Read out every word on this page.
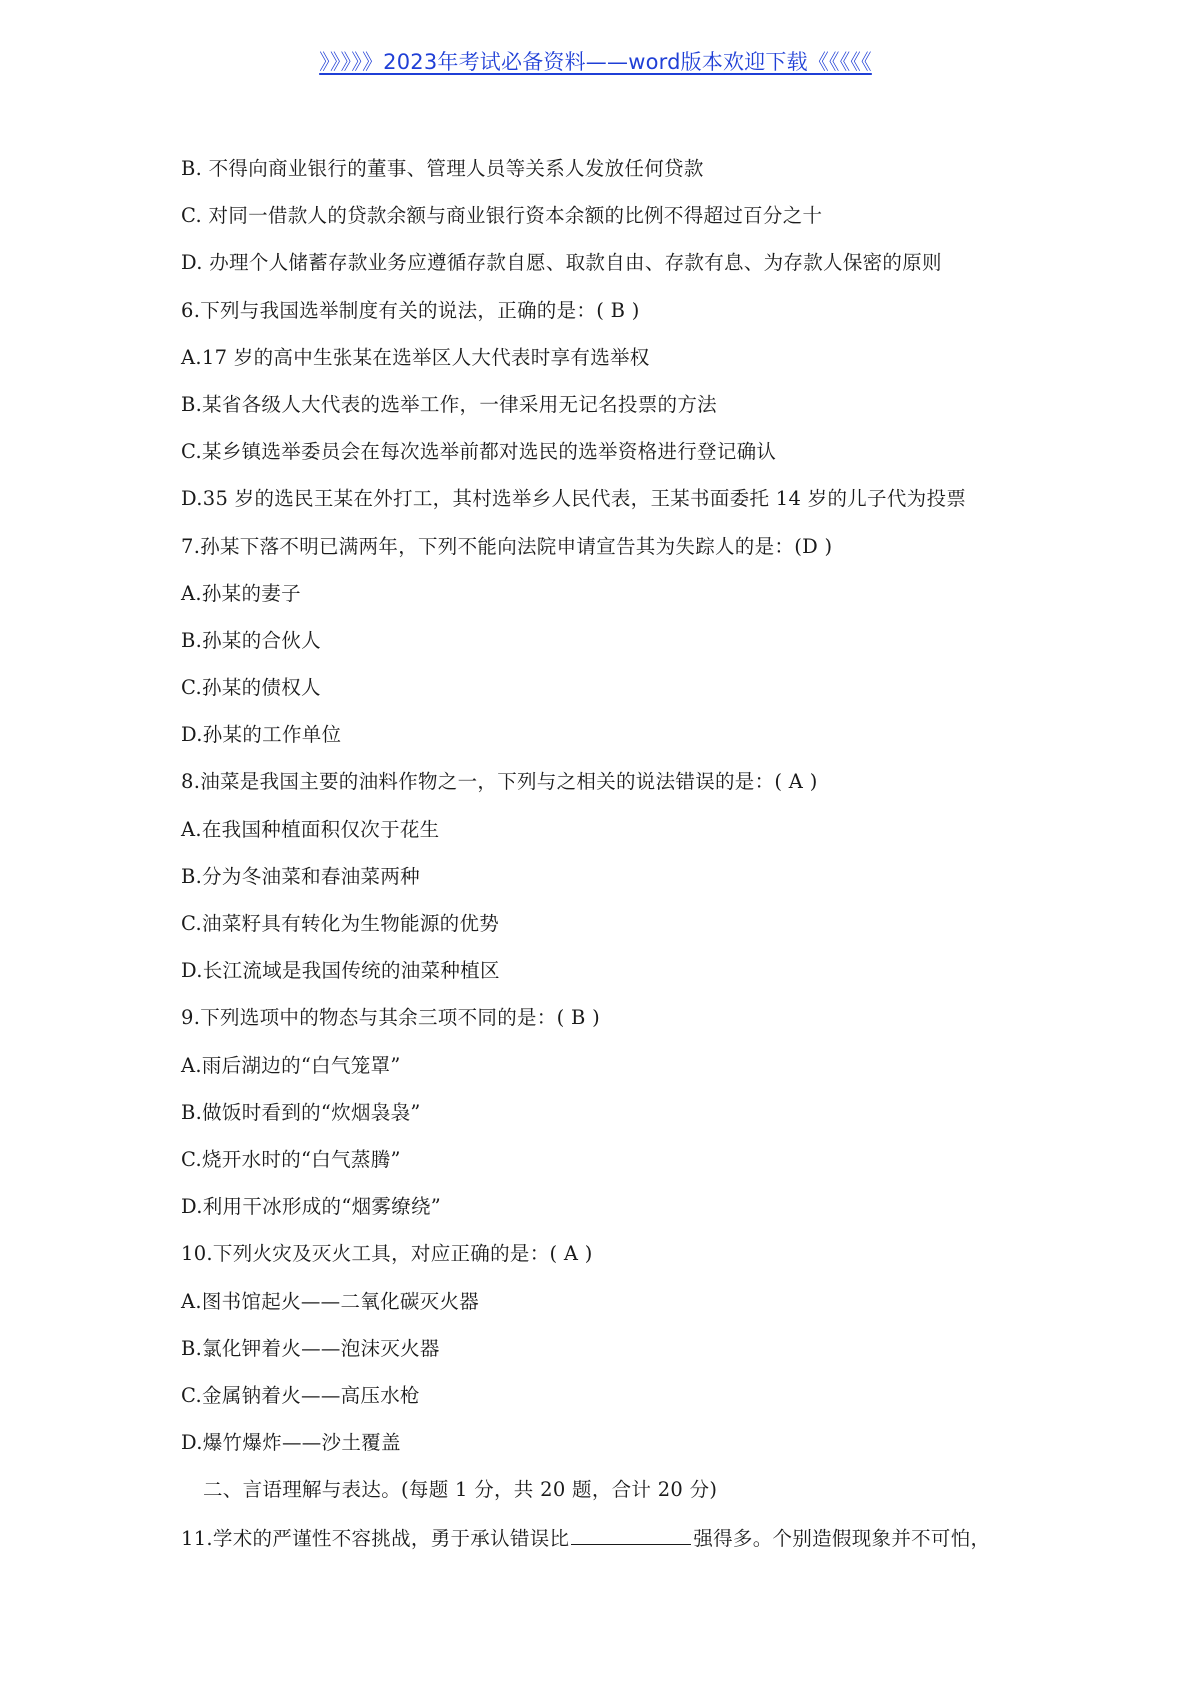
》》》》》2023年考试必备资料——word版本欢迎下载《《《《《
B. 不得向商业银行的董事、管理人员等关系人发放任何贷款
C. 对同一借款人的贷款余额与商业银行资本余额的比例不得超过百分之十
D. 办理个人储蓄存款业务应遵循存款自愿、取款自由、存款有息、为存款人保密的原则
6.下列与我国选举制度有关的说法，正确的是：( B )
A.17 岁的高中生张某在选举区人大代表时享有选举权
B.某省各级人大代表的选举工作，一律采用无记名投票的方法
C.某乡镇选举委员会在每次选举前都对选民的选举资格进行登记确认
D.35 岁的选民王某在外打工，其村选举乡人民代表，王某书面委托 14 岁的儿子代为投票
7.孙某下落不明已满两年，下列不能向法院申请宣告其为失踪人的是：(D )
A.孙某的妻子
B.孙某的合伙人
C.孙某的债权人
D.孙某的工作单位
8.油菜是我国主要的油料作物之一，下列与之相关的说法错误的是：( A )
A.在我国种植面积仅次于花生
B.分为冬油菜和春油菜两种
C.油菜籽具有转化为生物能源的优势
D.长江流域是我国传统的油菜种植区
9.下列选项中的物态与其余三项不同的是：( B )
A.雨后湖边的“白气笼罩”
B.做饭时看到的“炊烟袅袅”
C.烧开水时的“白气蒸腾”
D.利用干冰形成的“烟雾缭绕”
10.下列火灾及灭火工具，对应正确的是：( A )
A.图书馆起火——二氧化碳灭火器
B.氯化钾着火——泡沫灭火器
C.金属钠着火——高压水枪
D.爆竹爆炸——沙土覆盖
二、言语理解与表达。(每题 1 分，共 20 题，合计 20 分)
11.学术的严谨性不容挑战，勇于承认错误比	强得多。个别造假现象并不可怕，
